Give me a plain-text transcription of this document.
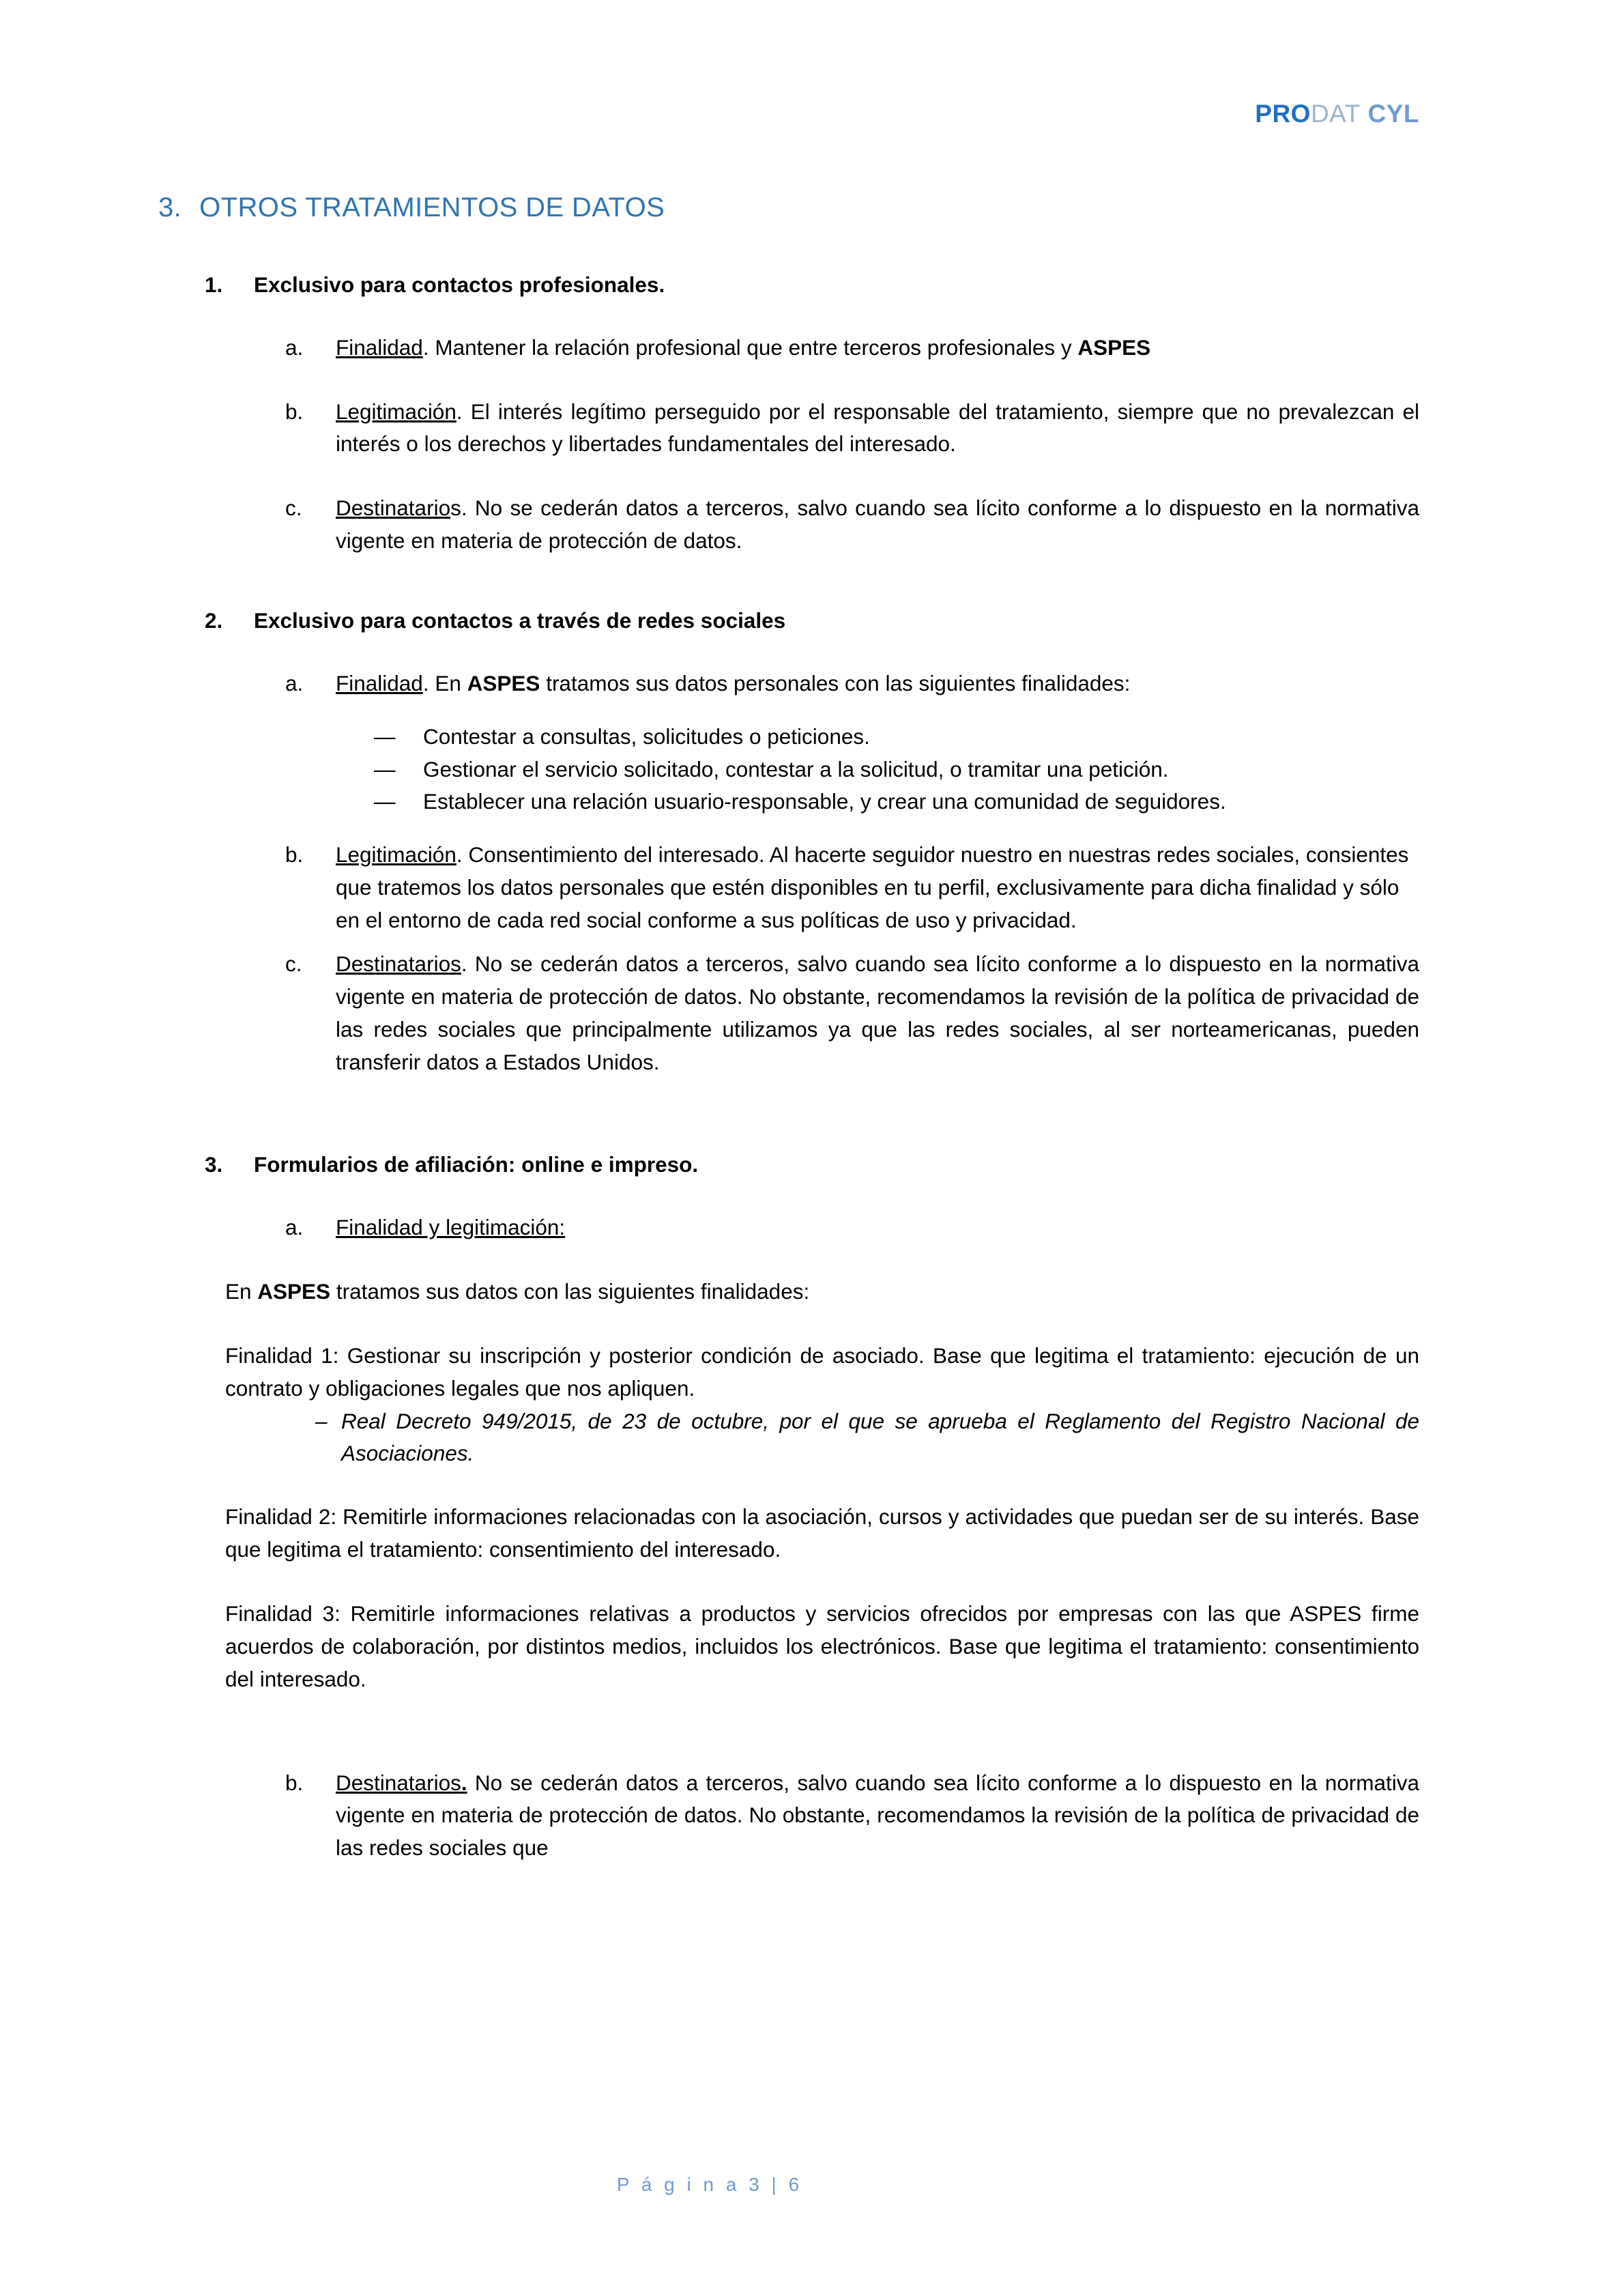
PRODAT CYL
3. OTROS TRATAMIENTOS DE DATOS
1.	Exclusivo para contactos profesionales.
a.	Finalidad. Mantener la relación profesional que entre terceros profesionales y ASPES
b.	Legitimación. El interés legítimo perseguido por el responsable del tratamiento, siempre que no prevalezcan el interés o los derechos y libertades fundamentales del interesado.
c.	Destinatarios. No se cederán datos a terceros, salvo cuando sea lícito conforme a lo dispuesto en la normativa vigente en materia de protección de datos.
2.	Exclusivo para contactos a través de redes sociales
a.	Finalidad. En ASPES tratamos sus datos personales con las siguientes finalidades:
—	Contestar a consultas, solicitudes o peticiones.
—	Gestionar el servicio solicitado, contestar a la solicitud, o tramitar una petición.
—	Establecer una relación usuario-responsable, y crear una comunidad de seguidores.
b.	Legitimación. Consentimiento del interesado. Al hacerte seguidor nuestro en nuestras redes sociales, consientes que tratemos los datos personales que estén disponibles en tu perfil, exclusivamente para dicha finalidad y sólo en el entorno de cada red social conforme a sus políticas de uso y privacidad.
c.	Destinatarios. No se cederán datos a terceros, salvo cuando sea lícito conforme a lo dispuesto en la normativa vigente en materia de protección de datos. No obstante, recomendamos la revisión de la política de privacidad de las redes sociales que principalmente utilizamos ya que las redes sociales, al ser norteamericanas, pueden transferir datos a Estados Unidos.
3.	Formularios de afiliación: online e impreso.
a.	Finalidad y legitimación:
En ASPES tratamos sus datos con las siguientes finalidades:
Finalidad 1: Gestionar su inscripción y posterior condición de asociado. Base que legitima el tratamiento: ejecución de un contrato y obligaciones legales que nos apliquen.
– Real Decreto 949/2015, de 23 de octubre, por el que se aprueba el Reglamento del Registro Nacional de Asociaciones.
Finalidad 2: Remitirle informaciones relacionadas con la asociación, cursos y actividades que puedan ser de su interés. Base que legitima el tratamiento: consentimiento del interesado.
Finalidad 3: Remitirle informaciones relativas a productos y servicios ofrecidos por empresas con las que ASPES firme acuerdos de colaboración, por distintos medios, incluidos los electrónicos. Base que legitima el tratamiento: consentimiento del interesado.
b.	Destinatarios. No se cederán datos a terceros, salvo cuando sea lícito conforme a lo dispuesto en la normativa vigente en materia de protección de datos. No obstante, recomendamos la revisión de la política de privacidad de las redes sociales que
P á g i n a 3 | 6
